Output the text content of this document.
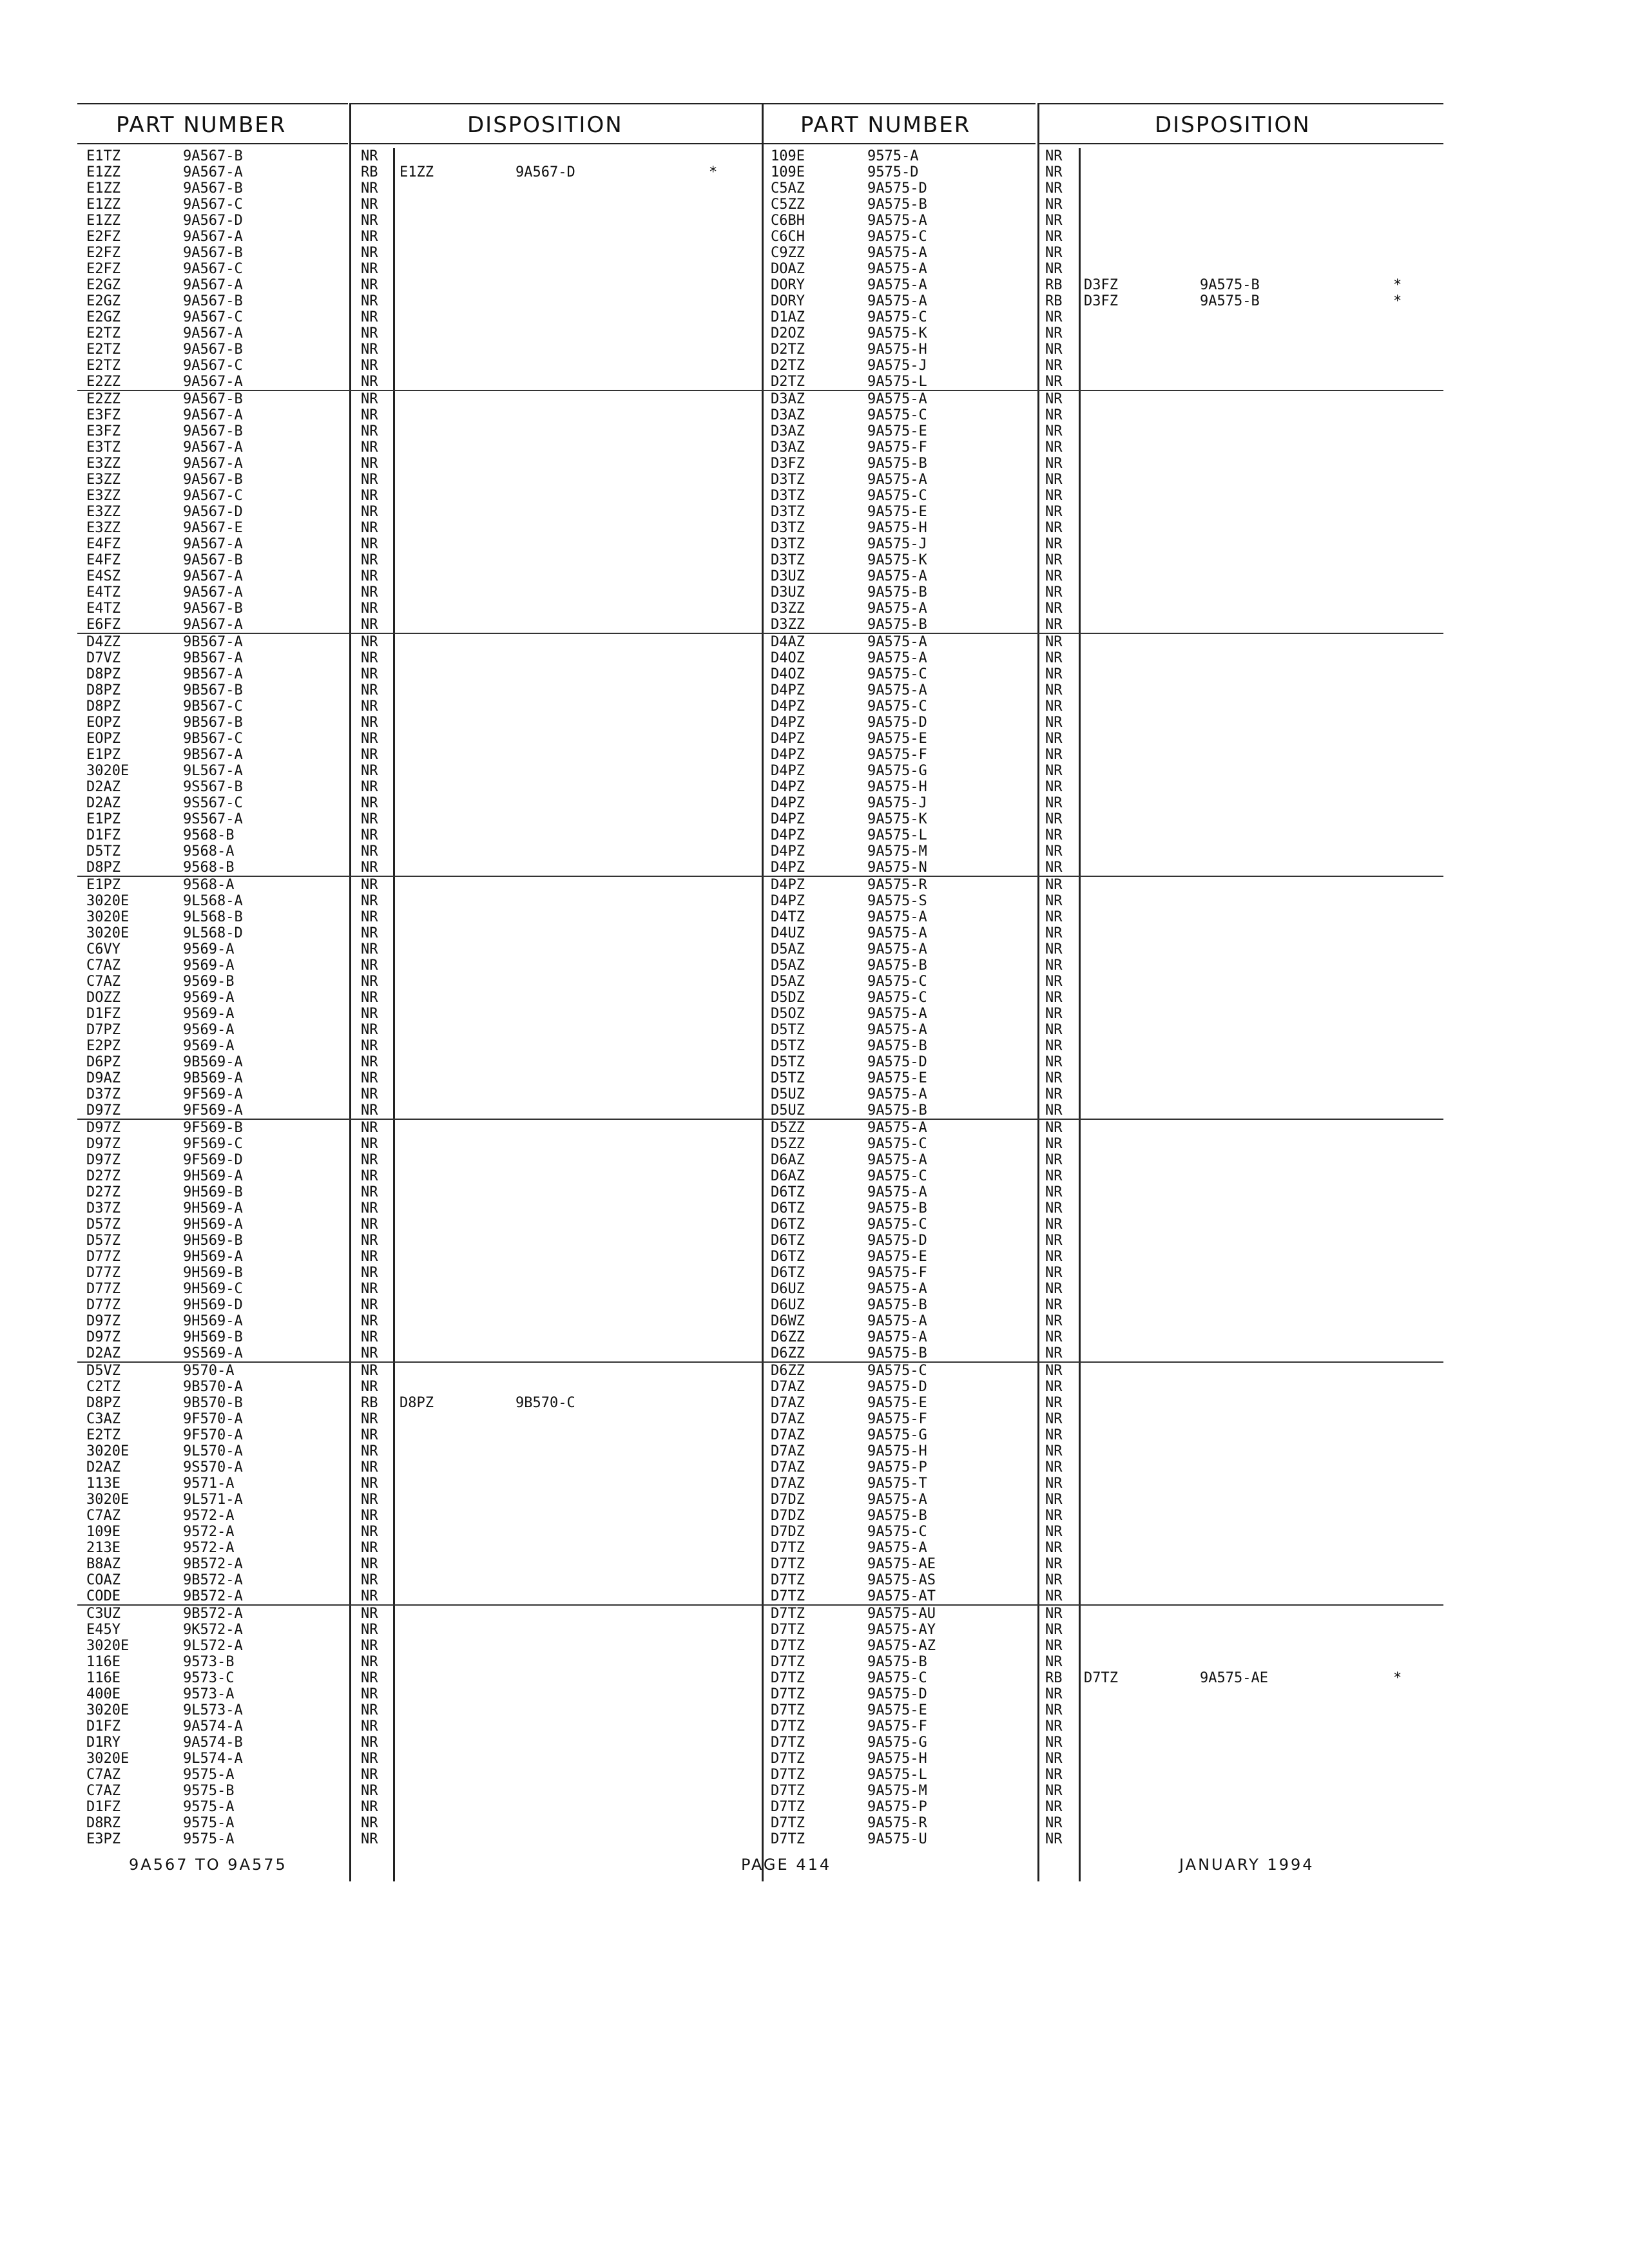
PART NUMBER	DISPOSITION
E1TZ	9A567-B	NR
E1ZZ	9A567-A	RB E1ZZ	9A567-D	*
E1ZZ	9A567-B	NR
E1ZZ	9A567-C	NR
E1ZZ	9A567-D	NR
E2FZ	9A567-A	NR
E2FZ	9A567-B	NR
E2FZ	9A567-C	NR
E2GZ	9A567-A	NR
E2GZ	9A567-B	NR
E2GZ	9A567-C	NR
E2TZ	9A567-A	NR
E2TZ	9A567-B	NR
E2TZ	9A567-C	NR
E2ZZ	9A567-A	NR
E2ZZ	9A567-B	NR
E3FZ	9A567-A	NR
E3FZ	9A567-B	NR
E3TZ	9A567-A	NR
E3ZZ	9A567-A	NR
E3ZZ	9A567-B	NR
E3ZZ	9A567-C	NR
E3ZZ	9A567-D	NR
E3ZZ	9A567-E	NR
E4FZ	9A567-A	NR
E4FZ	9A567-B	NR
E4SZ	9A567-A	NR
E4TZ	9A567-A	NR
E4TZ	9A567-B	NR
E6FZ	9A567-A	NR
D4ZZ	9B567-A	NR
D7VZ	9B567-A	NR
D8PZ	9B567-A	NR
D8PZ	9B567-B	NR
D8PZ	9B567-C	NR
EOPZ	9B567-B	NR
EOPZ	9B567-C	NR
E1PZ	9B567-A	NR
3020E	9L567-A	NR
D2AZ	9S567-B	NR
D2AZ	9S567-C	NR
E1PZ	9S567-A	NR
D1FZ	9568-B	NR
D5TZ	9568-A	NR
D8PZ	9568-B	NR
E1PZ	9568-A	NR
3020E	9L568-A	NR
3020E	9L568-B	NR
3020E	9L568-D	NR
C6VY	9569-A	NR
C7AZ	9569-A	NR
C7AZ	9569-B	NR
DOZZ	9569-A	NR
D1FZ	9569-A	NR
D7PZ	9569-A	NR
E2PZ	9569-A	NR
D6PZ	9B569-A	NR
D9AZ	9B569-A	NR
D37Z	9F569-A	NR
D97Z	9F569-A	NR
D97Z	9F569-B	NR
D97Z	9F569-C	NR
D97Z	9F569-D	NR
D27Z	9H569-A	NR
D27Z	9H569-B	NR
D37Z	9H569-A	NR
D57Z	9H569-A	NR
D57Z	9H569-B	NR
D77Z	9H569-A	NR
D77Z	9H569-B	NR
D77Z	9H569-C	NR
D77Z	9H569-D	NR
D97Z	9H569-A	NR
D97Z	9H569-B	NR
D2AZ	9S569-A	NR
D5VZ	9570-A	NR
C2TZ	9B570-A	NR
D8PZ	9B570-B	RB D8PZ	9B570-C
C3AZ	9F570-A	NR
E2TZ	9F570-A	NR
3020E	9L570-A	NR
D2AZ	9S570-A	NR
113E	9571-A	NR
3020E	9L571-A	NR
C7AZ	9572-A	NR
109E	9572-A	NR
213E	9572-A	NR
B8AZ	9B572-A	NR
COAZ	9B572-A	NR
CODE	9B572-A	NR
C3UZ	9B572-A	NR
E45Y	9K572-A	NR
3020E	9L572-A	NR
116E	9573-B	NR
116E	9573-C	NR
400E	9573-A	NR
3020E	9L573-A	NR
D1FZ	9A574-A	NR
D1RY	9A574-B	NR
3020E	9L574-A	NR
C7AZ	9575-A	NR
C7AZ	9575-B	NR
D1FZ	9575-A	NR
D8RZ	9575-A	NR
E3PZ	9575-A	NR
PART NUMBER	DISPOSITION
109E	9575-A	NR
109E	9575-D	NR
C5AZ	9A575-D	NR
C5ZZ	9A575-B	NR
C6BH	9A575-A	NR
C6CH	9A575-C	NR
C9ZZ	9A575-A	NR
DOAZ	9A575-A	NR
DORY	9A575-A	RB D3FZ	9A575-B	*
DORY	9A575-A	RB D3FZ	9A575-B	*
D1AZ	9A575-C	NR
D2OZ	9A575-K	NR
D2TZ	9A575-H	NR
D2TZ	9A575-J	NR
D2TZ	9A575-L	NR
D3AZ	9A575-A	NR
D3AZ	9A575-C	NR
D3AZ	9A575-E	NR
D3AZ	9A575-F	NR
D3FZ	9A575-B	NR
D3TZ	9A575-A	NR
D3TZ	9A575-C	NR
D3TZ	9A575-E	NR
D3TZ	9A575-H	NR
D3TZ	9A575-J	NR
D3TZ	9A575-K	NR
D3UZ	9A575-A	NR
D3UZ	9A575-B	NR
D3ZZ	9A575-A	NR
D3ZZ	9A575-B	NR
D4AZ	9A575-A	NR
D4OZ	9A575-A	NR
D4OZ	9A575-C	NR
D4PZ	9A575-A	NR
D4PZ	9A575-C	NR
D4PZ	9A575-D	NR
D4PZ	9A575-E	NR
D4PZ	9A575-F	NR
D4PZ	9A575-G	NR
D4PZ	9A575-H	NR
D4PZ	9A575-J	NR
D4PZ	9A575-K	NR
D4PZ	9A575-L	NR
D4PZ	9A575-M	NR
D4PZ	9A575-N	NR
D4PZ	9A575-R	NR
D4PZ	9A575-S	NR
D4TZ	9A575-A	NR
D4UZ	9A575-A	NR
D5AZ	9A575-A	NR
D5AZ	9A575-B	NR
D5AZ	9A575-C	NR
D5DZ	9A575-C	NR
D5OZ	9A575-A	NR
D5TZ	9A575-A	NR
D5TZ	9A575-B	NR
D5TZ	9A575-D	NR
D5TZ	9A575-E	NR
D5UZ	9A575-A	NR
D5UZ	9A575-B	NR
D5ZZ	9A575-A	NR
D5ZZ	9A575-C	NR
D6AZ	9A575-A	NR
D6AZ	9A575-C	NR
D6TZ	9A575-A	NR
D6TZ	9A575-B	NR
D6TZ	9A575-C	NR
D6TZ	9A575-D	NR
D6TZ	9A575-E	NR
D6TZ	9A575-F	NR
D6UZ	9A575-A	NR
D6UZ	9A575-B	NR
D6WZ	9A575-A	NR
D6ZZ	9A575-A	NR
D6ZZ	9A575-B	NR
D6ZZ	9A575-C	NR
D7AZ	9A575-D	NR
D7AZ	9A575-E	NR
D7AZ	9A575-F	NR
D7AZ	9A575-G	NR
D7AZ	9A575-H	NR
D7AZ	9A575-P	NR
D7AZ	9A575-T	NR
D7DZ	9A575-A	NR
D7DZ	9A575-B	NR
D7DZ	9A575-C	NR
D7TZ	9A575-A	NR
D7TZ	9A575-AE	NR
D7TZ	9A575-AS	NR
D7TZ	9A575-AT	NR
D7TZ	9A575-AU	NR
D7TZ	9A575-AY	NR
D7TZ	9A575-AZ	NR
D7TZ	9A575-B	NR
D7TZ	9A575-C	RB D7TZ	9A575-AE	*
D7TZ	9A575-D	NR
D7TZ	9A575-E	NR
D7TZ	9A575-F	NR
D7TZ	9A575-G	NR
D7TZ	9A575-H	NR
D7TZ	9A575-L	NR
D7TZ	9A575-M	NR
D7TZ	9A575-P	NR
D7TZ	9A575-R	NR
D7TZ	9A575-U	NR
9A567 TO 9A575	PAGE 414	JANUARY 1994
